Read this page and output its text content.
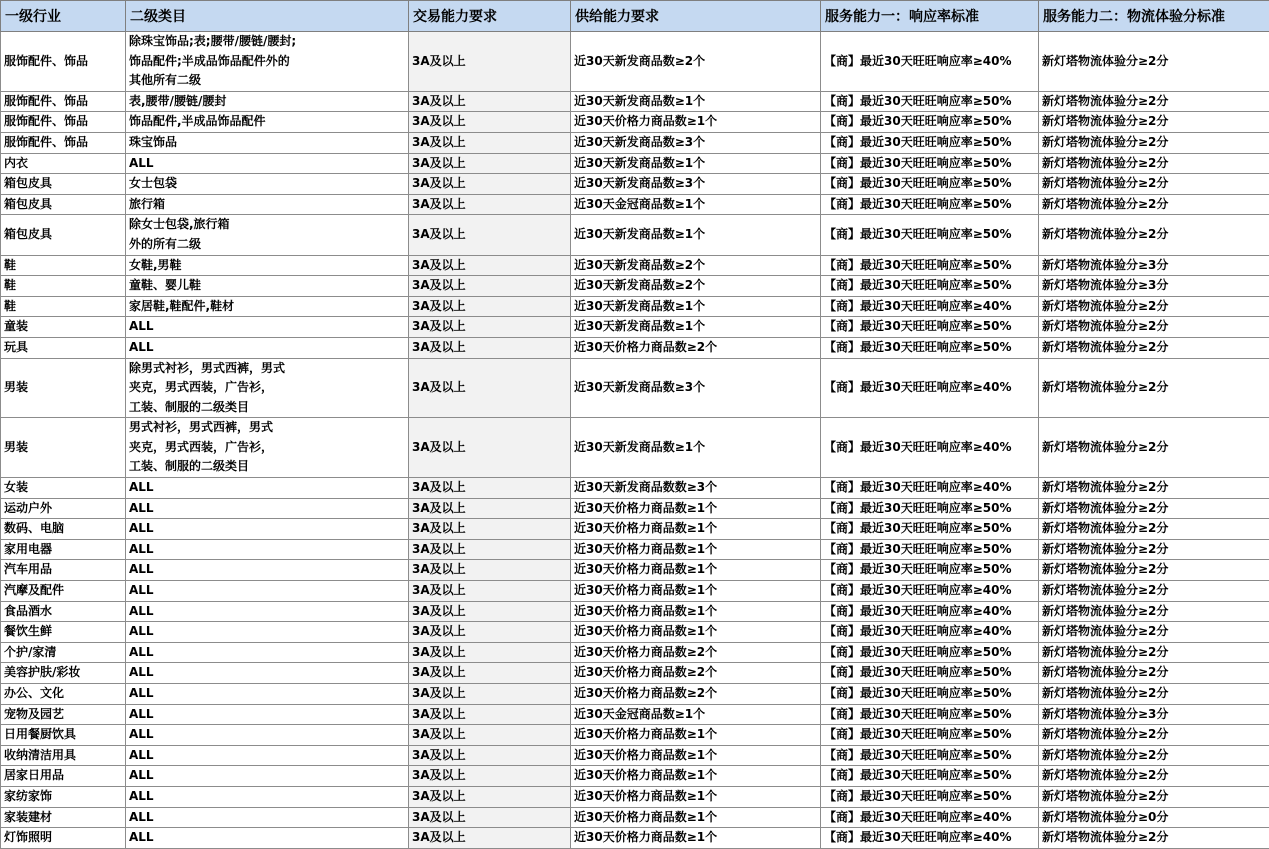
一级行业	二级类目	交易能力要求	供给能力要求	服务能力一：响应率标准	服务能力二：物流体验分标准
服饰配件、饰品	除珠宝饰品;表;腰带/腰链/腰封;
饰品配件;半成品饰品配件外的
其他所有二级	3A及以上	近30天新发商品数≥2个	【商】最近30天旺旺响应率≥40%	新灯塔物流体验分≥2分
服饰配件、饰品	表,腰带/腰链/腰封	3A及以上	近30天新发商品数≥1个	【商】最近30天旺旺响应率≥50%	新灯塔物流体验分≥2分
服饰配件、饰品	饰品配件,半成品饰品配件	3A及以上	近30天价格力商品数≥1个	【商】最近30天旺旺响应率≥50%	新灯塔物流体验分≥2分
服饰配件、饰品	珠宝饰品	3A及以上	近30天新发商品数≥3个	【商】最近30天旺旺响应率≥50%	新灯塔物流体验分≥2分
内衣	ALL	3A及以上	近30天新发商品数≥1个	【商】最近30天旺旺响应率≥50%	新灯塔物流体验分≥2分
箱包皮具	女士包袋	3A及以上	近30天新发商品数≥3个	【商】最近30天旺旺响应率≥50%	新灯塔物流体验分≥2分
箱包皮具	旅行箱	3A及以上	近30天金冠商品数≥1个	【商】最近30天旺旺响应率≥50%	新灯塔物流体验分≥2分
箱包皮具	除女士包袋,旅行箱
外的所有二级	3A及以上	近30天新发商品数≥1个	【商】最近30天旺旺响应率≥50%	新灯塔物流体验分≥2分
鞋	女鞋,男鞋	3A及以上	近30天新发商品数≥2个	【商】最近30天旺旺响应率≥50%	新灯塔物流体验分≥3分
鞋	童鞋、婴儿鞋	3A及以上	近30天新发商品数≥2个	【商】最近30天旺旺响应率≥50%	新灯塔物流体验分≥3分
鞋	家居鞋,鞋配件,鞋材	3A及以上	近30天新发商品数≥1个	【商】最近30天旺旺响应率≥40%	新灯塔物流体验分≥2分
童装	ALL	3A及以上	近30天新发商品数≥1个	【商】最近30天旺旺响应率≥50%	新灯塔物流体验分≥2分
玩具	ALL	3A及以上	近30天价格力商品数≥2个	【商】最近30天旺旺响应率≥50%	新灯塔物流体验分≥2分
男装	除男式衬衫，男式西裤，男式
夹克，男式西装，广告衫，
工装、制服的二级类目	3A及以上	近30天新发商品数≥3个	【商】最近30天旺旺响应率≥40%	新灯塔物流体验分≥2分
男装	男式衬衫，男式西裤，男式
夹克，男式西装，广告衫，
工装、制服的二级类目	3A及以上	近30天新发商品数≥1个	【商】最近30天旺旺响应率≥40%	新灯塔物流体验分≥2分
女装	ALL	3A及以上	近30天新发商品数数≥3个	【商】最近30天旺旺响应率≥40%	新灯塔物流体验分≥2分
运动户外	ALL	3A及以上	近30天价格力商品数≥1个	【商】最近30天旺旺响应率≥50%	新灯塔物流体验分≥2分
数码、电脑	ALL	3A及以上	近30天价格力商品数≥1个	【商】最近30天旺旺响应率≥50%	新灯塔物流体验分≥2分
家用电器	ALL	3A及以上	近30天价格力商品数≥1个	【商】最近30天旺旺响应率≥50%	新灯塔物流体验分≥2分
汽车用品	ALL	3A及以上	近30天价格力商品数≥1个	【商】最近30天旺旺响应率≥50%	新灯塔物流体验分≥2分
汽摩及配件	ALL	3A及以上	近30天价格力商品数≥1个	【商】最近30天旺旺响应率≥40%	新灯塔物流体验分≥2分
食品酒水	ALL	3A及以上	近30天价格力商品数≥1个	【商】最近30天旺旺响应率≥40%	新灯塔物流体验分≥2分
餐饮生鲜	ALL	3A及以上	近30天价格力商品数≥1个	【商】最近30天旺旺响应率≥40%	新灯塔物流体验分≥2分
个护/家清	ALL	3A及以上	近30天价格力商品数≥2个	【商】最近30天旺旺响应率≥50%	新灯塔物流体验分≥2分
美容护肤/彩妆	ALL	3A及以上	近30天价格力商品数≥2个	【商】最近30天旺旺响应率≥50%	新灯塔物流体验分≥2分
办公、文化	ALL	3A及以上	近30天价格力商品数≥2个	【商】最近30天旺旺响应率≥50%	新灯塔物流体验分≥2分
宠物及园艺	ALL	3A及以上	近30天金冠商品数≥1个	【商】最近30天旺旺响应率≥50%	新灯塔物流体验分≥3分
日用餐厨饮具	ALL	3A及以上	近30天价格力商品数≥1个	【商】最近30天旺旺响应率≥50%	新灯塔物流体验分≥2分
收纳清洁用具	ALL	3A及以上	近30天价格力商品数≥1个	【商】最近30天旺旺响应率≥50%	新灯塔物流体验分≥2分
居家日用品	ALL	3A及以上	近30天价格力商品数≥1个	【商】最近30天旺旺响应率≥50%	新灯塔物流体验分≥2分
家纺家饰	ALL	3A及以上	近30天价格力商品数≥1个	【商】最近30天旺旺响应率≥50%	新灯塔物流体验分≥2分
家装建材	ALL	3A及以上	近30天价格力商品数≥1个	【商】最近30天旺旺响应率≥40%	新灯塔物流体验分≥0分
灯饰照明	ALL	3A及以上	近30天价格力商品数≥1个	【商】最近30天旺旺响应率≥40%	新灯塔物流体验分≥2分
